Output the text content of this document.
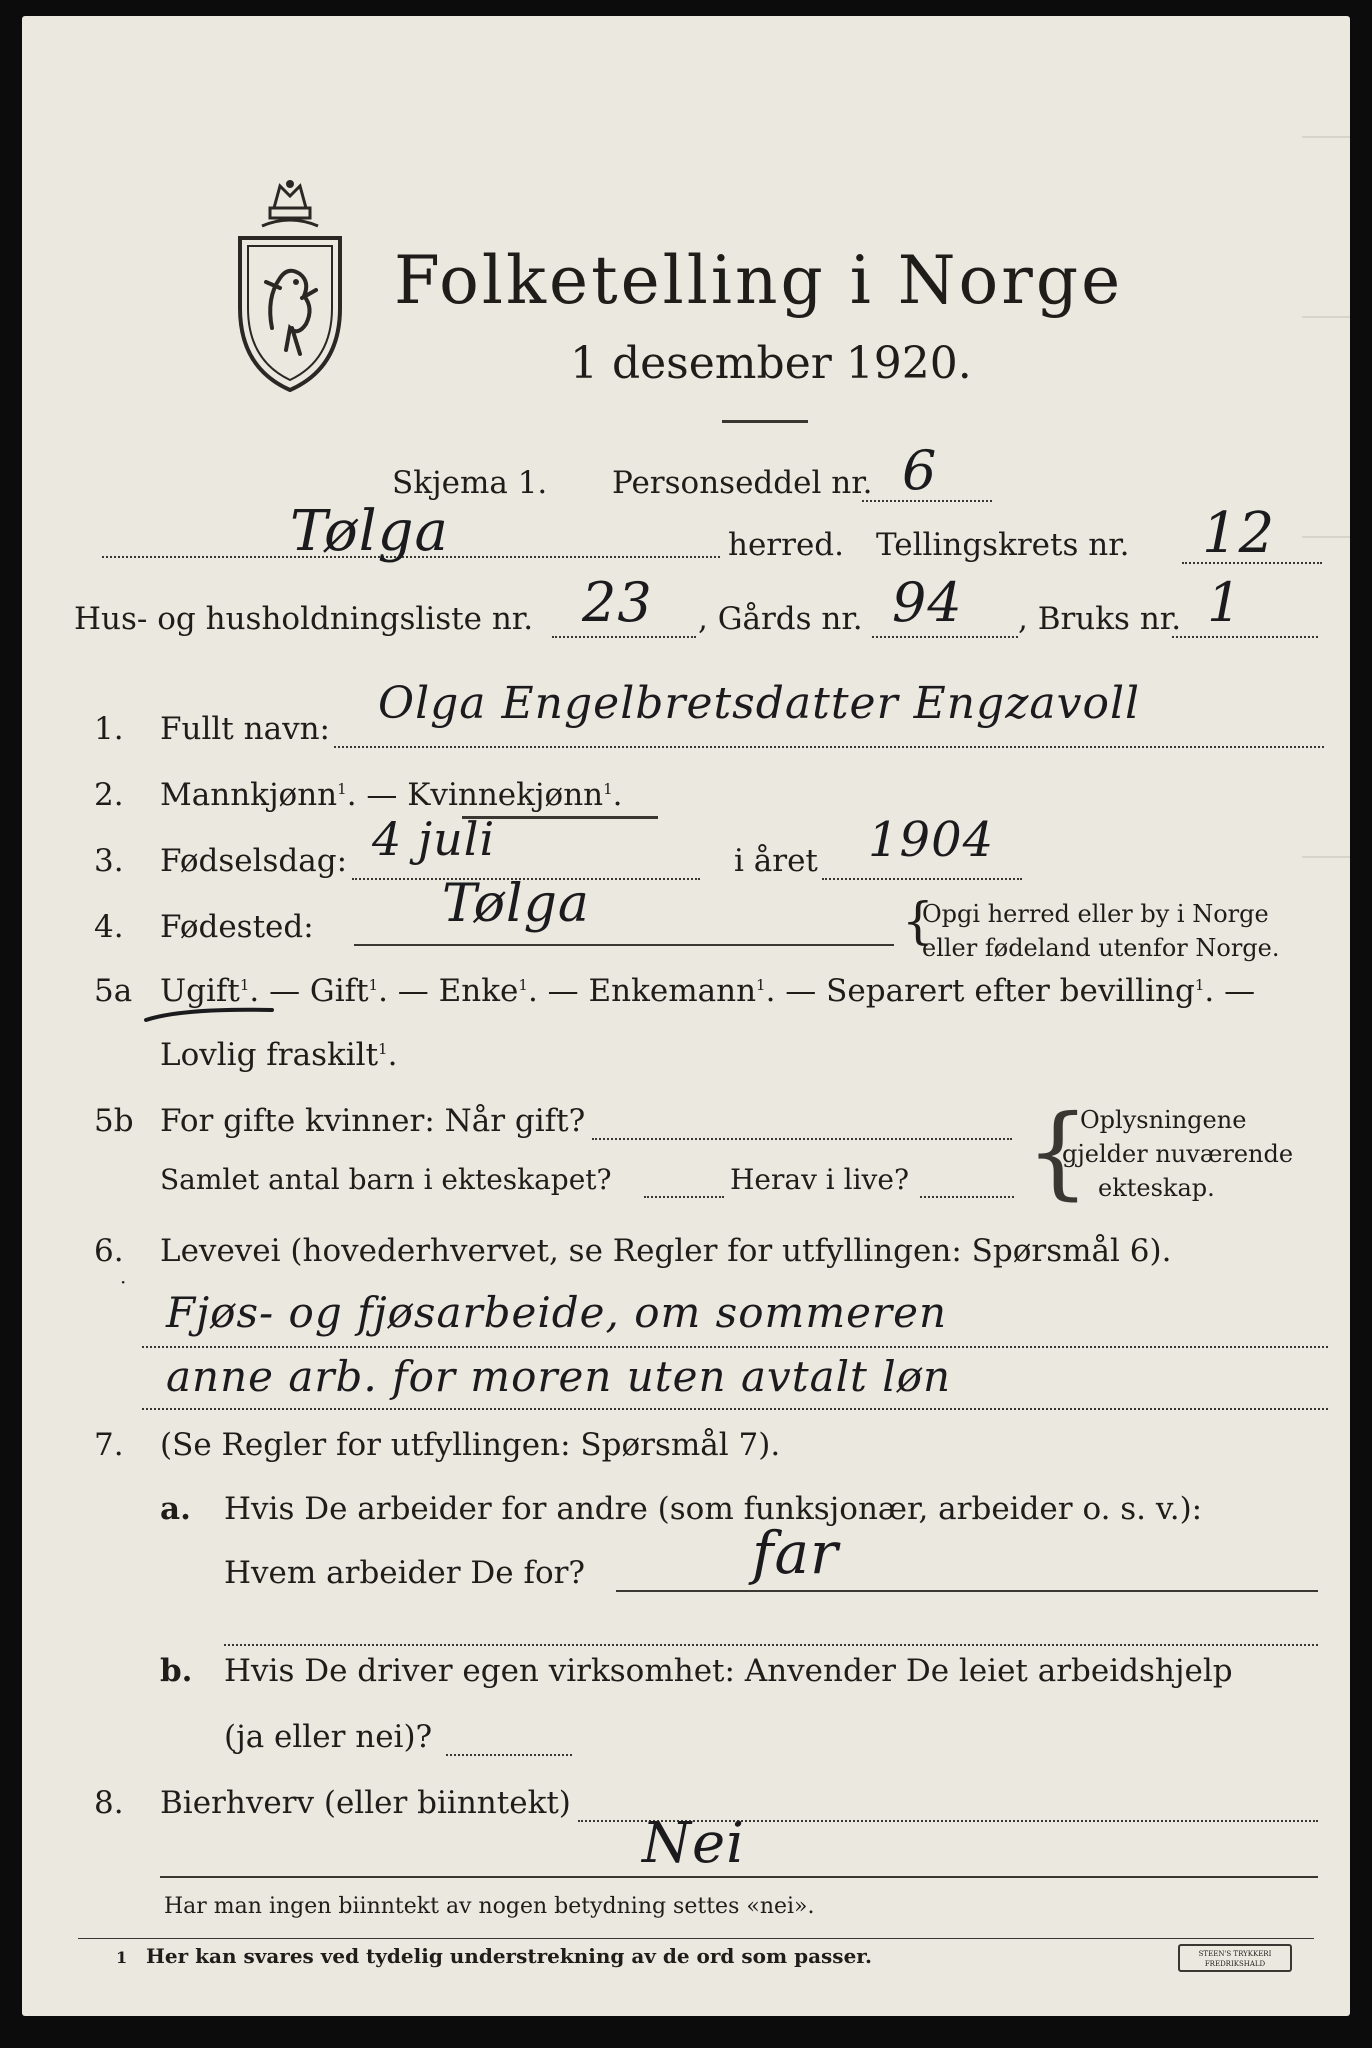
Folketelling i Norge
1 desember 1920.
Skjema 1. Personseddel nr. 6
Tølga	herred. Tellingskrets nr. 12
Hus- og husholdningsliste nr. 23 , Gårds nr. 94 , Bruks nr. 1
1. Fullt navn: Olga Engelbretsdatter Engzavoll
2. Mannkjønn$^1$. — Kvinnekjønn$^1$.
3. Fødselsdag: 4 juli	i året 1904
4. Fødested: Tølga	{
Opgi herred eller by i Norge
eller fødeland utenfor Norge.
5a Ugift$^1$. — Gift$^1$. — Enke$^1$. — Enkemann$^1$. — Separert efter bevilling$^1$. —
Lovlig fraskilt$^1$.
5b For gifte kvinner: Når gift?
Samlet antal barn i ekteskapet?	Herav i live? {
Oplysningene
gjelder nuværende
ekteskap.
6. Levevei (hovederhvervet, se Regler for utfyllingen: Spørsmål 6).
·
Fjøs- og fjøsarbeide, om sommeren
anne arb. for moren uten avtalt løn
7. (Se Regler for utfyllingen: Spørsmål 7).
a. Hvis De arbeider for andre (som funksjonær, arbeider o. s. v.):
Hvem arbeider De for?	far
b. Hvis De driver egen virksomhet: Anvender De leiet arbeidshjelp
(ja eller nei)?
8. Bierhverv (eller biinntekt)
Nei
Har man ingen biinntekt av nogen betydning settes «nei».
1 Her kan svares ved tydelig understrekning av de ord som passer.	STEEN'S TRYKKERI FREDRIKSHALD
